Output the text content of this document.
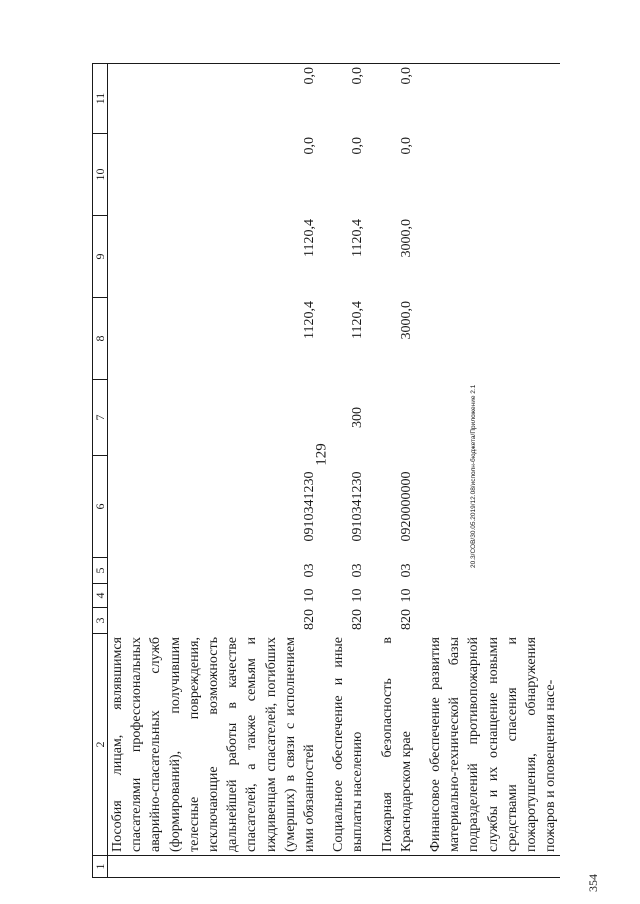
129	20.3/СОВ/30.05.2019/12.08/исполн-бюджета/Приложение 2.1
354
1	2	3	4	5	6	7	8	9	10	11
	Пособия лицам, являвшимся спасателями профессиональных аварийно-спасательных служб (формирований), получившим телесные повреждения, исключающие возможность дальнейшей работы в качестве спасателей, а также семьям и иждивенцам спасателей, погибших (умерших) в связи с исполнением ими обязанностей	820	10	03	0910341230		1120,4	1120,4	0,0	0,0

	Социальное обеспечение и иные выплаты населению	820	10	03	0910341230	300	1120,4	1120,4	0,0	0,0

	Пожарная безопасность в Краснодарском крае	820	10	03	0920000000		3000,0	3000,0	0,0	0,0

	Финансовое обеспечение развития материально-технической базы подразделений противопожарной службы и их оснащение новыми средствами спасения и пожаротушения, обнаружения пожаров и оповещения насе-									
